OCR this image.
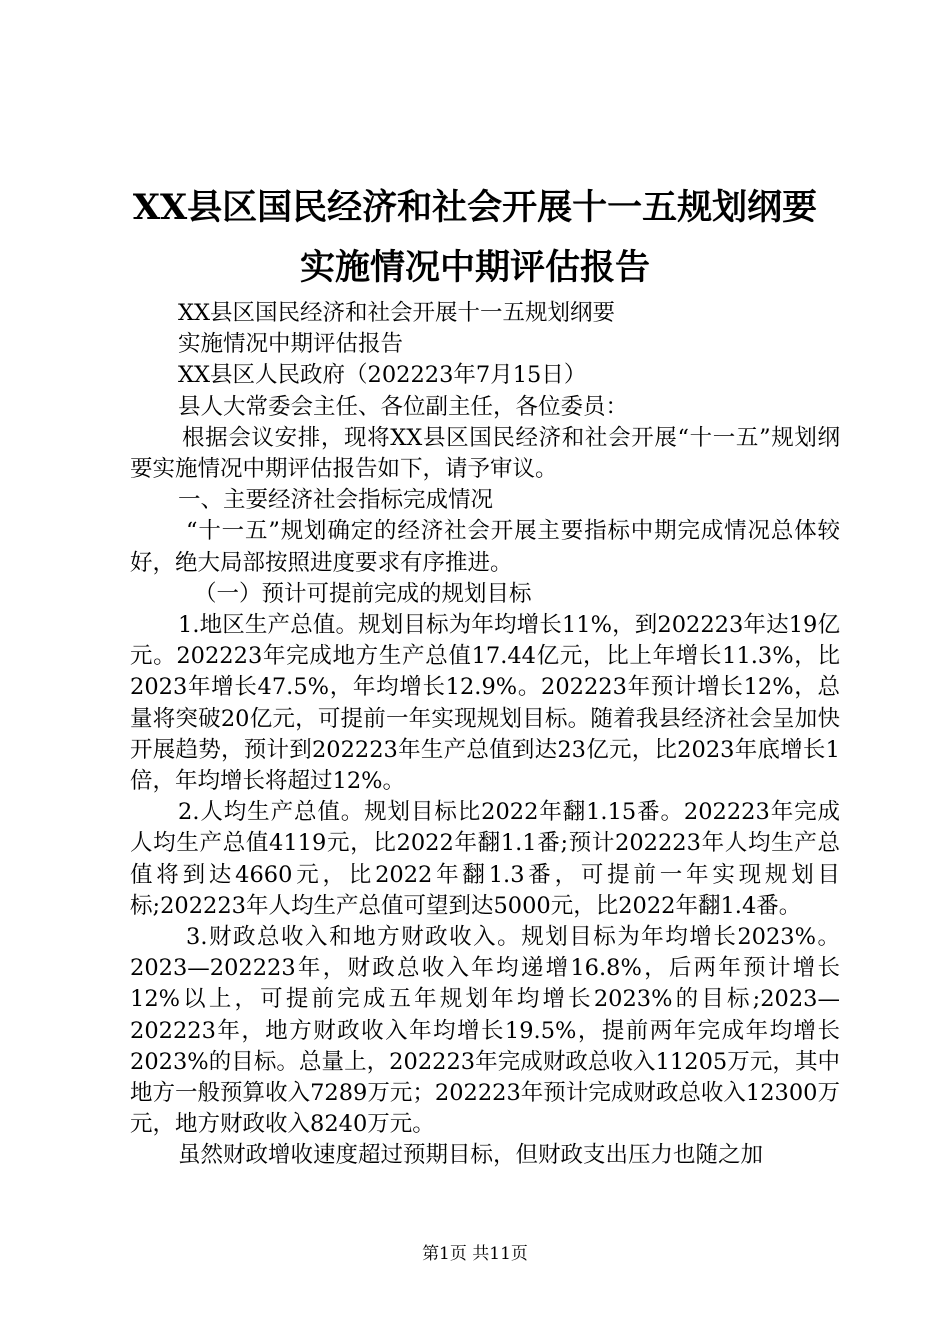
XX县区国民经济和社会开展十一五规划纲要
实施情况中期评估报告

XX县区国民经济和社会开展十一五规划纲要

实施情况中期评估报告

XX县区人民政府（202223年7月15日）

县人大常委会主任、各位副主任，各位委员：

根据会议安排，现将XX县区国民经济和社会开展“十一五”规划纲要实施情况中期评估报告如下，请予审议。

一、主要经济社会指标完成情况

“十一五”规划确定的经济社会开展主要指标中期完成情况总体较好，绝大局部按照进度要求有序推进。

（一）预计可提前完成的规划目标

1.地区生产总值。规划目标为年均增长11%，到202223年达19亿元。202223年完成地方生产总值17.44亿元，比上年增长11.3%，比2023年增长47.5%，年均增长12.9%。202223年预计增长12%，总量将突破20亿元，可提前一年实现规划目标。随着我县经济社会呈加快开展趋势，预计到202223年生产总值到达23亿元，比2023年底增长1倍，年均增长将超过12%。

2.人均生产总值。规划目标比2022年翻1.15番。202223年完成人均生产总值4119元，比2022年翻1.1番;预计202223年人均生产总值将到达4660元，比2022年翻1.3番，可提前一年实现规划目标;202223年人均生产总值可望到达5000元，比2022年翻1.4番。

3.财政总收入和地方财政收入。规划目标为年均增长2023%。2023—202223年，财政总收入年均递增16.8%，后两年预计增长12%以上，可提前完成五年规划年均增长2023%的目标;2023—202223年，地方财政收入年均增长19.5%，提前两年完成年均增长2023%的目标。总量上，202223年完成财政总收入11205万元，其中地方一般预算收入7289万元；202223年预计完成财政总收入12300万元，地方财政收入8240万元。

虽然财政增收速度超过预期目标，但财政支出压力也随之加

第1页 共11页
